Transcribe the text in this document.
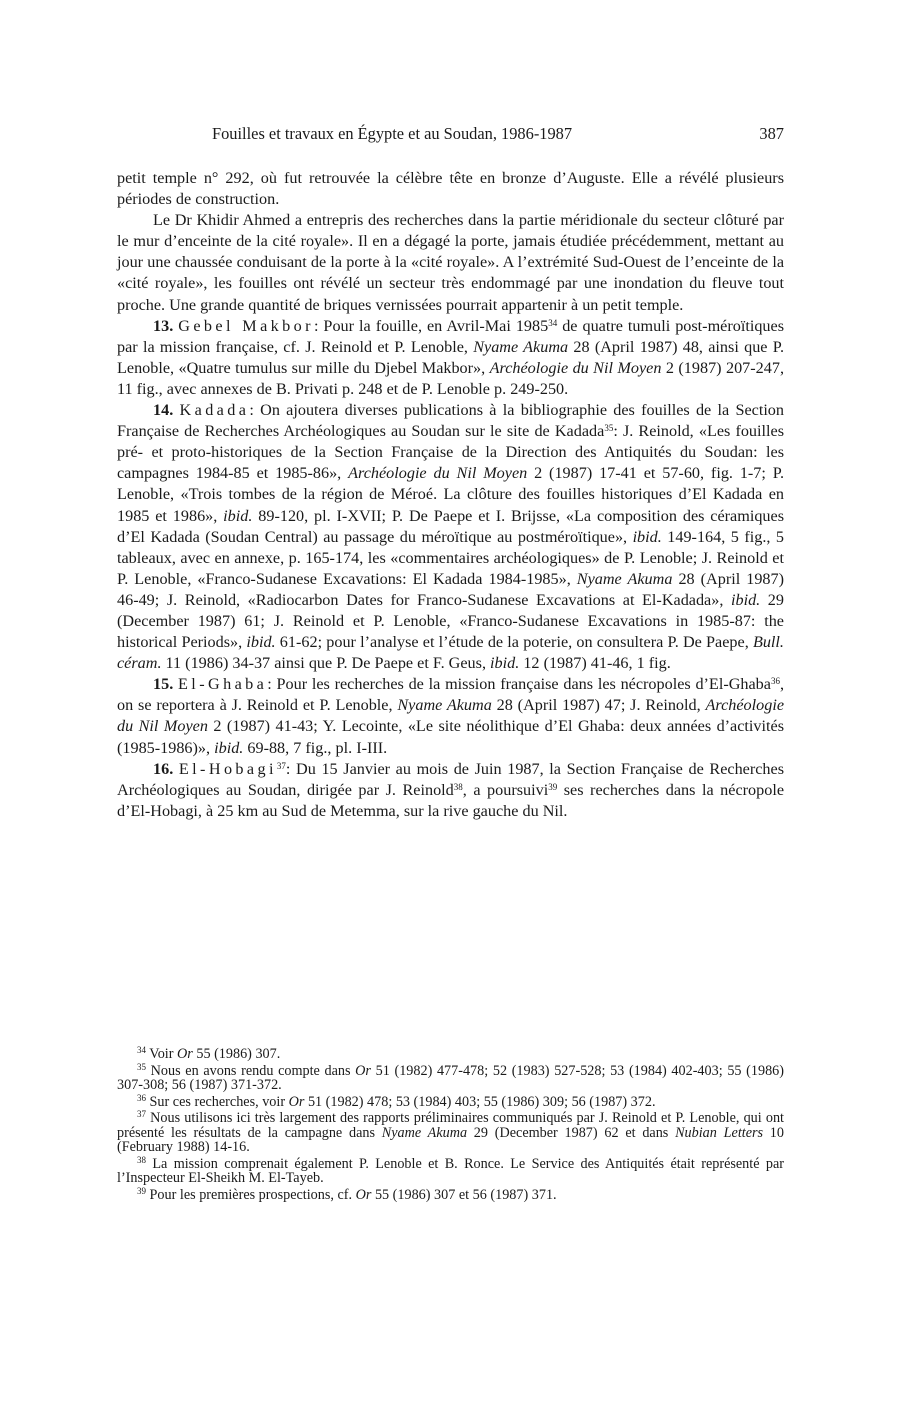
Fouilles et travaux en Égypte et au Soudan, 1986-1987	387

petit temple n° 292, où fut retrouvée la célèbre tête en bronze d’Auguste. Elle a révélé plusieurs périodes de construction.

Le Dr Khidir Ahmed a entrepris des recherches dans la partie méridionale du secteur clôturé par le mur d’enceinte de la cité royale». Il en a dégagé la porte, jamais étudiée précédemment, mettant au jour une chaussée conduisant de la porte à la «cité royale». A l’extrémité Sud-Ouest de l’enceinte de la «cité royale», les fouilles ont révélé un secteur très endommagé par une inondation du fleuve tout proche. Une grande quantité de briques vernissées pourrait appartenir à un petit temple.

13. Gebel Makbor: Pour la fouille, en Avril-Mai 1985$^{34}$ de quatre tumuli post-méroïtiques par la mission française, cf. J. Reinold et P. Lenoble, Nyame Akuma 28 (April 1987) 48, ainsi que P. Lenoble, «Quatre tumulus sur mille du Djebel Makbor», Archéologie du Nil Moyen 2 (1987) 207-247, 11 fig., avec annexes de B. Privati p. 248 et de P. Lenoble p. 249-250.

14. Kadada: On ajoutera diverses publications à la bibliographie des fouilles de la Section Française de Recherches Archéologiques au Soudan sur le site de Kadada$^{35}$: J. Reinold, «Les fouilles pré- et proto-historiques de la Section Française de la Direction des Antiquités du Soudan: les campagnes 1984-85 et 1985-86», Archéologie du Nil Moyen 2 (1987) 17-41 et 57-60, fig. 1-7; P. Lenoble, «Trois tombes de la région de Méroé. La clôture des fouilles historiques d’El Kadada en 1985 et 1986», ibid. 89-120, pl. I-XVII; P. De Paepe et I. Brijsse, «La composition des céramiques d’El Kadada (Soudan Central) au passage du méroïtique au postméroïtique», ibid. 149-164, 5 fig., 5 tableaux, avec en annexe, p. 165-174, les «commentaires archéologiques» de P. Lenoble; J. Reinold et P. Lenoble, «Franco-Sudanese Excavations: El Kadada 1984-1985», Nyame Akuma 28 (April 1987) 46-49; J. Reinold, «Radiocarbon Dates for Franco-Sudanese Excavations at El-Kadada», ibid. 29 (December 1987) 61; J. Reinold et P. Lenoble, «Franco-Sudanese Excavations in 1985-87: the historical Periods», ibid. 61-62; pour l’analyse et l’étude de la poterie, on consultera P. De Paepe, Bull. céram. 11 (1986) 34-37 ainsi que P. De Paepe et F. Geus, ibid. 12 (1987) 41-46, 1 fig.

15. El-Ghaba: Pour les recherches de la mission française dans les nécropoles d’El-Ghaba$^{36}$, on se reportera à J. Reinold et P. Lenoble, Nyame Akuma 28 (April 1987) 47; J. Reinold, Archéologie du Nil Moyen 2 (1987) 41-43; Y. Lecointe, «Le site néolithique d’El Ghaba: deux années d’activités (1985-1986)», ibid. 69-88, 7 fig., pl. I-III.

16. El-Hobagi$^{37}$: Du 15 Janvier au mois de Juin 1987, la Section Française de Recherches Archéologiques au Soudan, dirigée par J. Reinold$^{38}$, a poursuivi$^{39}$ ses recherches dans la nécropole d’El-Hobagi, à 25 km au Sud de Metemma, sur la rive gauche du Nil.

$^{34}$ Voir Or 55 (1986) 307.

$^{35}$ Nous en avons rendu compte dans Or 51 (1982) 477-478; 52 (1983) 527-528; 53 (1984) 402-403; 55 (1986) 307-308; 56 (1987) 371-372.

$^{36}$ Sur ces recherches, voir Or 51 (1982) 478; 53 (1984) 403; 55 (1986) 309; 56 (1987) 372.

$^{37}$ Nous utilisons ici très largement des rapports préliminaires communiqués par J. Reinold et P. Lenoble, qui ont présenté les résultats de la campagne dans Nyame Akuma 29 (December 1987) 62 et dans Nubian Letters 10 (February 1988) 14-16.

$^{38}$ La mission comprenait également P. Lenoble et B. Ronce. Le Service des Antiquités était représenté par l’Inspecteur El-Sheikh M. El-Tayeb.

$^{39}$ Pour les premières prospections, cf. Or 55 (1986) 307 et 56 (1987) 371.
